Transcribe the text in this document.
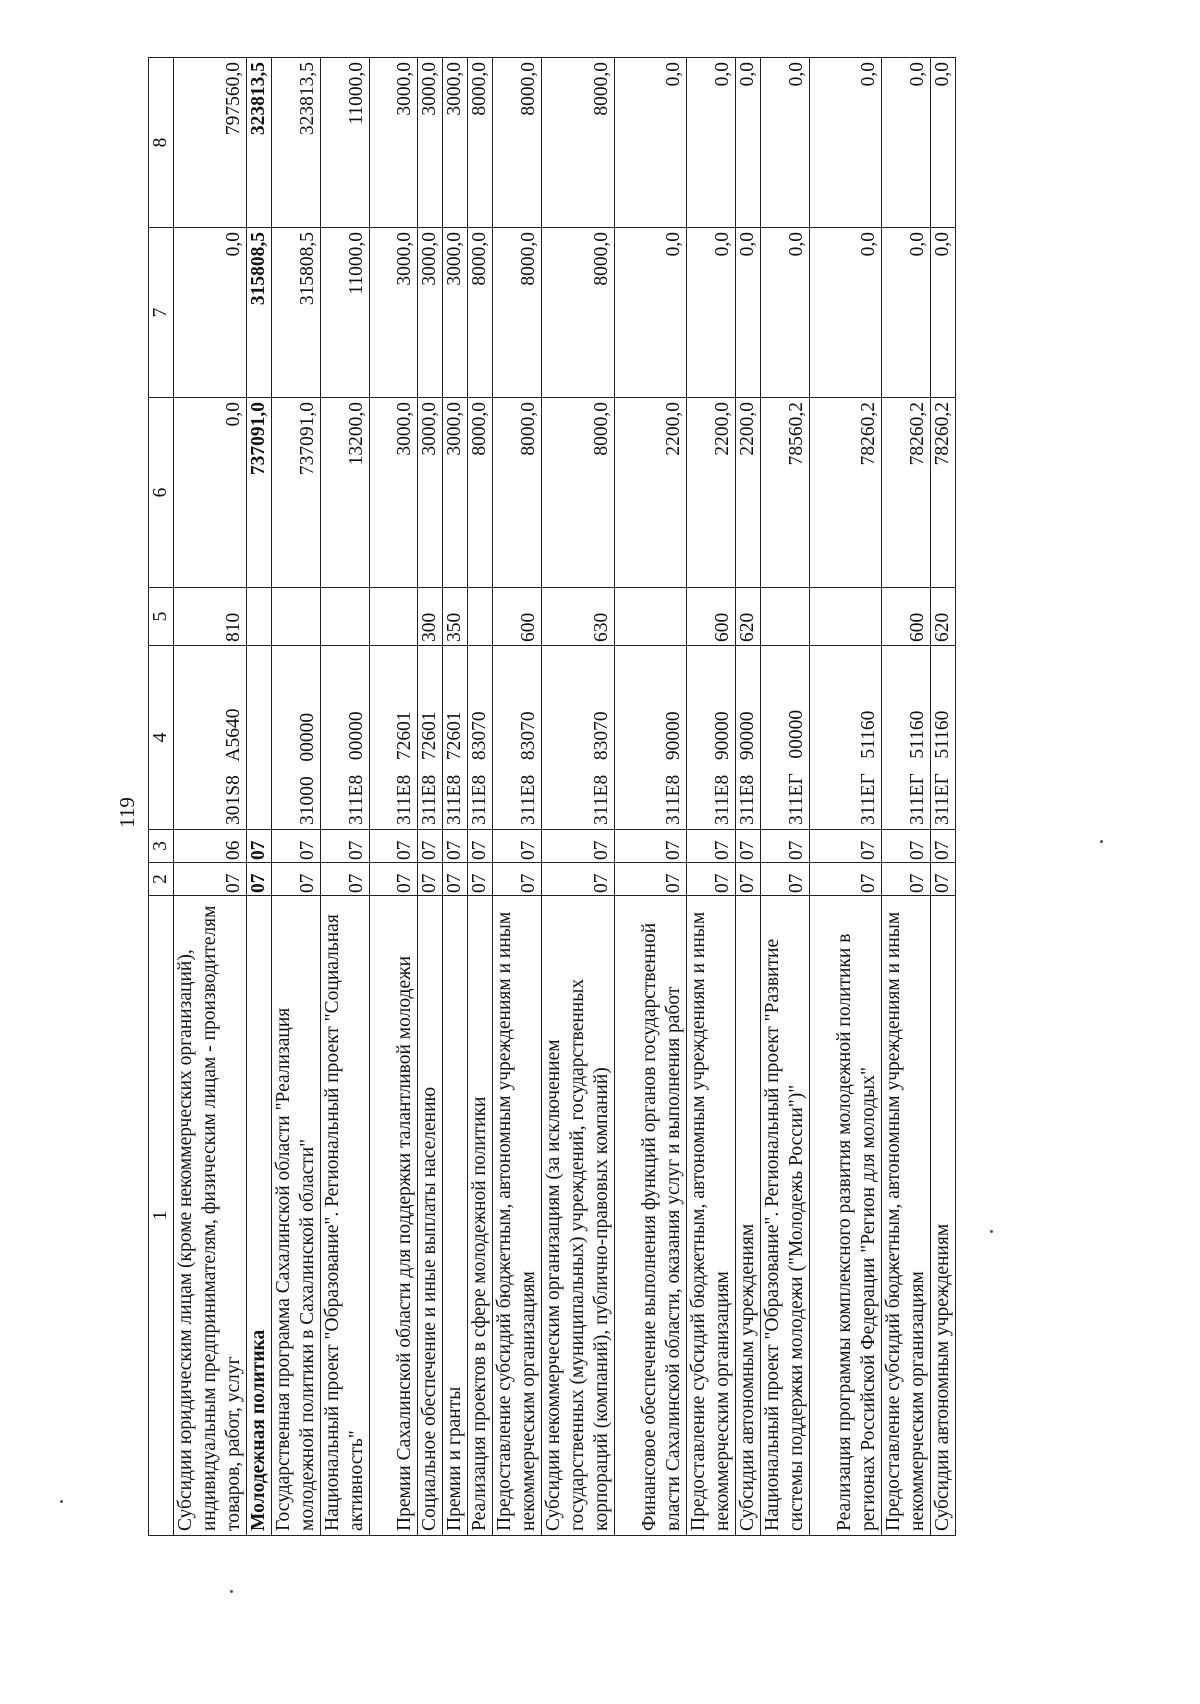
119
1	2	3	4	5	6	7	8
Субсидии юридическим лицам (кроме некоммерческих организаций), индивидуальным предпринимателям, физическим лицам - производителям товаров, работ, услуг	07	06	301S8   A5640	810	0,0	0,0	797560,0
Молодежная политика	07	07			737091,0	315808,5	323813,5
Государственная программа Сахалинской области "Реализация молодежной политики в Сахалинской области"	07	07	31000   00000		737091,0	315808,5	323813,5
Национальный проект "Образование". Региональный проект "Социальная активность"	07	07	311E8   00000		13200,0	11000,0	11000,0
Премии Сахалинской области для поддержки талантливой молодежи	07	07	311E8   72601		3000,0	3000,0	3000,0
Социальное обеспечение и иные выплаты населению	07	07	311E8   72601	300	3000,0	3000,0	3000,0
Премии и гранты	07	07	311E8   72601	350	3000,0	3000,0	3000,0
Реализация проектов в сфере молодежной политики	07	07	311E8   83070		8000,0	8000,0	8000,0
Предоставление субсидий бюджетным, автономным учреждениям и иным некоммерческим организациям	07	07	311E8   83070	600	8000,0	8000,0	8000,0
Субсидии некоммерческим организациям (за исключением государственных (муниципальных) учреждений, государственных корпораций (компаний), публично-правовых компаний)	07	07	311E8   83070	630	8000,0	8000,0	8000,0
Финансовое обеспечение выполнения функций органов государственной власти Сахалинской области, оказания услуг и выполнения работ	07	07	311E8   90000		2200,0	0,0	0,0
Предоставление субсидий бюджетным, автономным учреждениям и иным некоммерческим организациям	07	07	311E8   90000	600	2200,0	0,0	0,0
Субсидии автономным учреждениям	07	07	311E8   90000	620	2200,0	0,0	0,0
Национальный проект "Образование". Региональный проект "Развитие системы поддержки молодежи ("Молодежь России")"	07	07	311ЕГ   00000		78560,2	0,0	0,0
Реализация программы комплексного развития молодежной политики в регионах Российской Федерации "Регион для молодых"	07	07	311ЕГ   51160		78260,2	0,0	0,0
Предоставление субсидий бюджетным, автономным учреждениям и иным некоммерческим организациям	07	07	311ЕГ   51160	600	78260,2	0,0	0,0
Субсидии автономным учреждениям	07	07	311ЕГ   51160	620	78260,2	0,0	0,0
